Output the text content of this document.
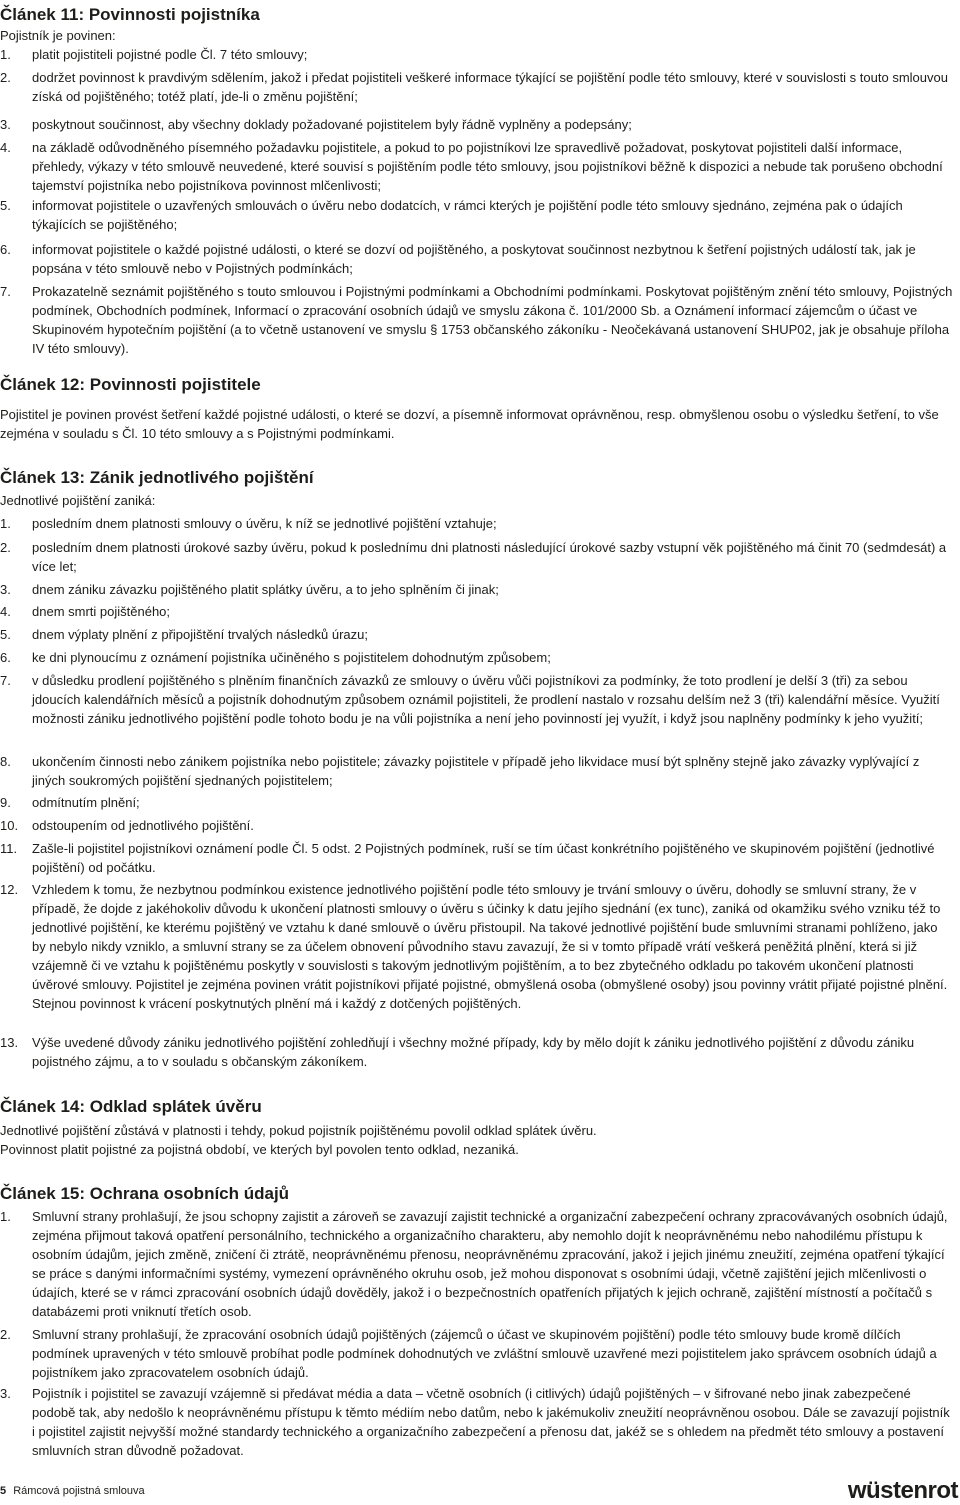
Článek 11: Povinnosti pojistníka

Pojistník je povinen:

1.	platit pojistiteli pojistné podle Čl. 7 této smlouvy;
2.	dodržet povinnost k pravdivým sdělením, jakož i předat pojistiteli veškeré informace týkající se pojištění podle této smlouvy, které v souvislosti s touto smlouvou získá od pojištěného; totéž platí, jde-li o změnu pojištění;
3.	poskytnout součinnost, aby všechny doklady požadované pojistitelem byly řádně vyplněny a podepsány;
4.	na základě odůvodněného písemného požadavku pojistitele, a pokud to po pojistníkovi lze spravedlivě požadovat, poskytovat pojistiteli další informace, přehledy, výkazy v této smlouvě neuvedené, které souvisí s pojištěním podle této smlouvy, jsou pojistníkovi běžně k dispozici a nebude tak porušeno obchodní tajemství pojistníka nebo pojistníkova povinnost mlčenlivosti;
5.	informovat pojistitele o uzavřených smlouvách o úvěru nebo dodatcích, v rámci kterých je pojištění podle této smlouvy sjednáno, zejména pak o údajích týkajících se pojištěného;
6.	informovat pojistitele o každé pojistné události, o které se dozví od pojištěného, a poskytovat součinnost nezbytnou k šetření pojistných událostí tak, jak je popsána v této smlouvě nebo v Pojistných podmínkách;
7.	Prokazatelně seznámit pojištěného s touto smlouvou i Pojistnými podmínkami a Obchodními podmínkami. Poskytovat pojištěným znění této smlouvy, Pojistných podmínek, Obchodních podmínek, Informací o zpracování osobních údajů ve smyslu zákona č. 101/2000 Sb. a Oznámení informací zájemcům o účast ve Skupinovém hypotečním pojištění (a to včetně ustanovení ve smyslu § 1753 občanského zákoníku - Neočekávaná ustanovení SHUP02, jak je obsahuje příloha IV této smlouvy).
Článek 12: Povinnosti pojistitele

Pojistitel je povinen provést šetření každé pojistné události, o které se dozví, a písemně informovat oprávněnou, resp. obmyšlenou osobu o výsledku šetření, to vše zejména v souladu s Čl. 10 této smlouvy a s Pojistnými podmínkami.

Článek 13: Zánik jednotlivého pojištění

Jednotlivé pojištění zaniká:

1.	posledním dnem platnosti smlouvy o úvěru, k níž se jednotlivé pojištění vztahuje;
2.	posledním dnem platnosti úrokové sazby úvěru, pokud k poslednímu dni platnosti následující úrokové sazby vstupní věk pojištěného má činit 70 (sedmdesát) a více let;
3.	dnem zániku závazku pojištěného platit splátky úvěru, a to jeho splněním či jinak;
4.	dnem smrti pojištěného;
5.	dnem výplaty plnění z připojištění trvalých následků úrazu;
6.	ke dni plynoucímu z oznámení pojistníka učiněného s pojistitelem dohodnutým způsobem;
7.	v důsledku prodlení pojištěného s plněním finančních závazků ze smlouvy o úvěru vůči pojistníkovi za podmínky, že toto prodlení je delší 3 (tři) za sebou jdoucích kalendářních měsíců a pojistník dohodnutým způsobem oznámil pojistiteli, že prodlení nastalo v rozsahu delším než 3 (tři) kalendářní měsíce. Využití možnosti zániku jednotlivého pojištění podle tohoto bodu je na vůli pojistníka a není jeho povinností jej využít, i když jsou naplněny podmínky k jeho využití;
8.	ukončením činnosti nebo zánikem pojistníka nebo pojistitele; závazky pojistitele v případě jeho likvidace musí být splněny stejně jako závazky vyplývající z jiných soukromých pojištění sjednaných pojistitelem;
9.	odmítnutím plnění;
10.	odstoupením od jednotlivého pojištění.
11.	Zašle-li pojistitel pojistníkovi oznámení podle Čl. 5 odst. 2 Pojistných podmínek, ruší se tím účast konkrétního pojištěného ve skupinovém pojištění (jednotlivé pojištění) od počátku.
12.	Vzhledem k tomu, že nezbytnou podmínkou existence jednotlivého pojištění podle této smlouvy je trvání smlouvy o úvěru, dohodly se smluvní strany, že v případě, že dojde z jakéhokoliv důvodu k ukončení platnosti smlouvy o úvěru s účinky k datu jejího sjednání (ex tunc), zaniká od okamžiku svého vzniku též to jednotlivé pojištění, ke kterému pojištěný ve vztahu k dané smlouvě o úvěru přistoupil. Na takové jednotlivé pojištění bude smluvními stranami pohlíženo, jako by nebylo nikdy vzniklo, a smluvní strany se za účelem obnovení původního stavu zavazují, že si v tomto případě vrátí veškerá peněžitá plnění, která si již vzájemně či ve vztahu k pojištěnému poskytly v souvislosti s takovým jednotlivým pojištěním, a to bez zbytečného odkladu po takovém ukončení platnosti úvěrové smlouvy. Pojistitel je zejména povinen vrátit pojistníkovi přijaté pojistné, obmyšlená osoba (obmyšlené osoby) jsou povinny vrátit přijaté pojistné plnění. Stejnou povinnost k vrácení poskytnutých plnění má i každý z dotčených pojištěných.
13.	Výše uvedené důvody zániku jednotlivého pojištění zohledňují i všechny možné případy, kdy by mělo dojít k zániku jednotlivého pojištění z důvodu zániku pojistného zájmu, a to v souladu s občanským zákoníkem.
Článek 14: Odklad splátek úvěru

Jednotlivé pojištění zůstává v platnosti i tehdy, pokud pojistník pojištěnému povolil odklad splátek úvěru.

Povinnost platit pojistné za pojistná období, ve kterých byl povolen tento odklad, nezaniká.

Článek 15: Ochrana osobních údajů
1.	Smluvní strany prohlašují, že jsou schopny zajistit a zároveň se zavazují zajistit technické a organizační zabezpečení ochrany zpracovávaných osobních údajů, zejména přijmout taková opatření personálního, technického a organizačního charakteru, aby nemohlo dojít k neoprávněnému nebo nahodilému přístupu k osobním údajům, jejich změně, zničení či ztrátě, neoprávněnému přenosu, neoprávněnému zpracování, jakož i jejich jinému zneužití, zejména opatření týkající se práce s danými informačními systémy, vymezení oprávněného okruhu osob, jež mohou disponovat s osobními údaji, včetně zajištění jejich mlčenlivosti o údajích, které se v rámci zpracování osobních údajů dověděly, jakož i o bezpečnostních opatřeních přijatých k jejich ochraně, zajištění místností a počítačů s databázemi proti vniknutí třetích osob.
2.	Smluvní strany prohlašují, že zpracování osobních údajů pojištěných (zájemců o účast ve skupinovém pojištění) podle této smlouvy bude kromě dílčích podmínek upravených v této smlouvě probíhat podle podmínek dohodnutých ve zvláštní smlouvě uzavřené mezi pojistitelem jako správcem osobních údajů a pojistníkem jako zpracovatelem osobních údajů.
3.	Pojistník i pojistitel se zavazují vzájemně si předávat média a data – včetně osobních (i citlivých) údajů pojištěných – v šifrované nebo jinak zabezpečené podobě tak, aby nedošlo k neoprávněnému přístupu k těmto médiím nebo datům, nebo k jakémukoliv zneužití neoprávněnou osobou. Dále se zavazují pojistník i pojistitel zajistit nejvyšší možné standardy technického a organizačního zabezpečení a přenosu dat, jakéž se s ohledem na předmět této smlouvy a postavení smluvních stran důvodně požadovat.
5 Rámcová pojistná smlouva	wüstenrot
